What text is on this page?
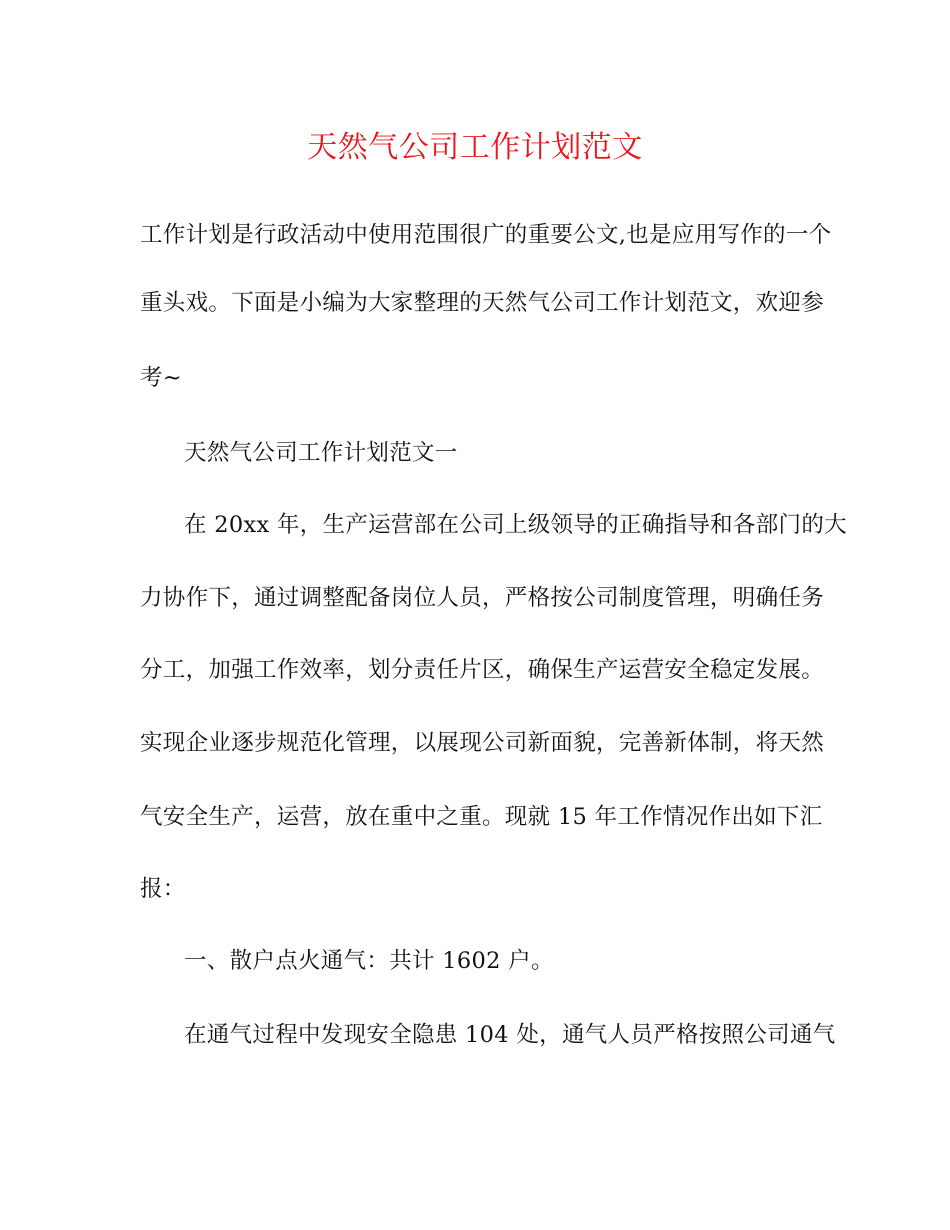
天然气公司工作计划范文
工作计划是行政活动中使用范围很广的重要公文,也是应用写作的一个
重头戏。下面是小编为大家整理的天然气公司工作计划范文，欢迎参
考~
天然气公司工作计划范文一
在 20xx 年，生产运营部在公司上级领导的正确指导和各部门的大
力协作下，通过调整配备岗位人员，严格按公司制度管理，明确任务
分工，加强工作效率，划分责任片区，确保生产运营安全稳定发展。
实现企业逐步规范化管理，以展现公司新面貌，完善新体制，将天然
气安全生产，运营，放在重中之重。现就 15 年工作情况作出如下汇
报：
一、散户点火通气：共计 1602 户。
在通气过程中发现安全隐患 104 处，通气人员严格按照公司通气
